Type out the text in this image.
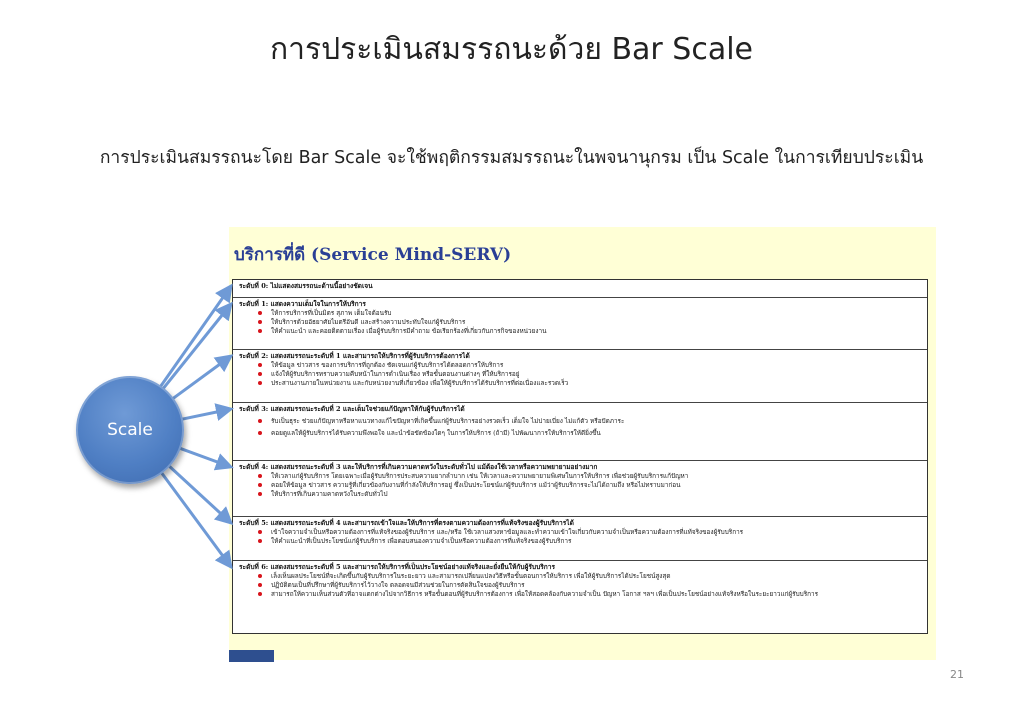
การประเมินสมรรถนะด้วย Bar Scale
การประเมินสมรรถนะโดย Bar Scale จะใช้พฤติกรรมสมรรถนะในพจนานุกรม เป็น Scale ในการเทียบประเมิน
บริการที่ดี (Service Mind-SERV)
ระดับที่ 0: ไม่แสดงสมรรถนะด้านนี้อย่างชัดเจน
ระดับที่ 1: แสดงความเต็มใจในการให้บริการ
ให้การบริการที่เป็นมิตร สุภาพ เต็มใจต้อนรับ
ให้บริการด้วยอัธยาศัยไมตรีอันดี และสร้างความประทับใจแก่ผู้รับบริการ
ให้คำแนะนำ และคอยติดตามเรื่อง เมื่อผู้รับบริการมีคำถาม ข้อเรียกร้องที่เกี่ยวกับภารกิจของหน่วยงาน
ระดับที่ 2: แสดงสมรรถนะระดับที่ 1 และสามารถให้บริการที่ผู้รับบริการต้องการได้
ให้ข้อมูล ข่าวสาร ของการบริการที่ถูกต้อง ชัดเจนแก่ผู้รับบริการได้ตลอดการให้บริการ
แจ้งให้ผู้รับบริการทราบความคืบหน้าในการดำเนินเรื่อง หรือขั้นตอนงานต่างๆ ที่ให้บริการอยู่
ประสานงานภายในหน่วยงาน และกับหน่วยงานที่เกี่ยวข้อง เพื่อให้ผู้รับบริการได้รับบริการที่ต่อเนื่องและรวดเร็ว
ระดับที่ 3: แสดงสมรรถนะระดับที่ 2 และเต็มใจช่วยแก้ปัญหาให้กับผู้รับบริการได้
รับเป็นธุระ ช่วยแก้ปัญหาหรือหาแนวทางแก้ไขปัญหาที่เกิดขึ้นแก่ผู้รับบริการอย่างรวดเร็ว เต็มใจ ไม่บ่ายเบี่ยง ไม่แก้ตัว หรือปัดภาระ
คอยดูแลให้ผู้รับบริการได้รับความพึงพอใจ และนำข้อขัดข้องใดๆ ในการให้บริการ (ถ้ามี) ไปพัฒนาการให้บริการให้ดียิ่งขึ้น
ระดับที่ 4: แสดงสมรรถนะระดับที่ 3 และให้บริการที่เกินความคาดหวังในระดับทั่วไป แม้ต้องใช้เวลาหรือความพยายามอย่างมาก
ให้เวลาแก่ผู้รับบริการ โดยเฉพาะเมื่อผู้รับบริการประสบความยากลำบาก เช่น ให้เวลาและความพยายามพิเศษในการให้บริการ เพื่อช่วยผู้รับบริการแก้ปัญหา
คอยให้ข้อมูล ข่าวสาร ความรู้ที่เกี่ยวข้องกับงานที่กำลังให้บริการอยู่ ซึ่งเป็นประโยชน์แก่ผู้รับบริการ แม้ว่าผู้รับบริการจะไม่ได้ถามถึง หรือไม่ทราบมาก่อน
ให้บริการที่เกินความคาดหวังในระดับทั่วไป
ระดับที่ 5: แสดงสมรรถนะระดับที่ 4 และสามารถเข้าใจและให้บริการที่ตรงตามความต้องการที่แท้จริงของผู้รับบริการได้
เข้าใจความจำเป็นหรือความต้องการที่แท้จริงของผู้รับบริการ และ/หรือ ใช้เวลาแสวงหาข้อมูลและทำความเข้าใจเกี่ยวกับความจำเป็นหรือความต้องการที่แท้จริงของผู้รับบริการ
ให้คำแนะนำที่เป็นประโยชน์แก่ผู้รับบริการ เพื่อตอบสนองความจำเป็นหรือความต้องการที่แท้จริงของผู้รับบริการ
ระดับที่ 6: แสดงสมรรถนะระดับที่ 5 และสามารถให้บริการที่เป็นประโยชน์อย่างแท้จริงและยั่งยืนให้กับผู้รับบริการ
เล็งเห็นผลประโยชน์ที่จะเกิดขึ้นกับผู้รับบริการในระยะยาว และสามารถเปลี่ยนแปลงวิธีหรือขั้นตอนการให้บริการ เพื่อให้ผู้รับบริการได้ประโยชน์สูงสุด
ปฏิบัติตนเป็นที่ปรึกษาที่ผู้รับบริการไว้วางใจ ตลอดจนมีส่วนช่วยในการตัดสินใจของผู้รับบริการ
สามารถให้ความเห็นส่วนตัวที่อาจแตกต่างไปจากวิธีการ หรือขั้นตอนที่ผู้รับบริการต้องการ เพื่อให้สอดคล้องกับความจำเป็น ปัญหา โอกาส ฯลฯ เพื่อเป็นประโยชน์อย่างแท้จริงหรือในระยะยาวแก่ผู้รับบริการ
Scale
21
